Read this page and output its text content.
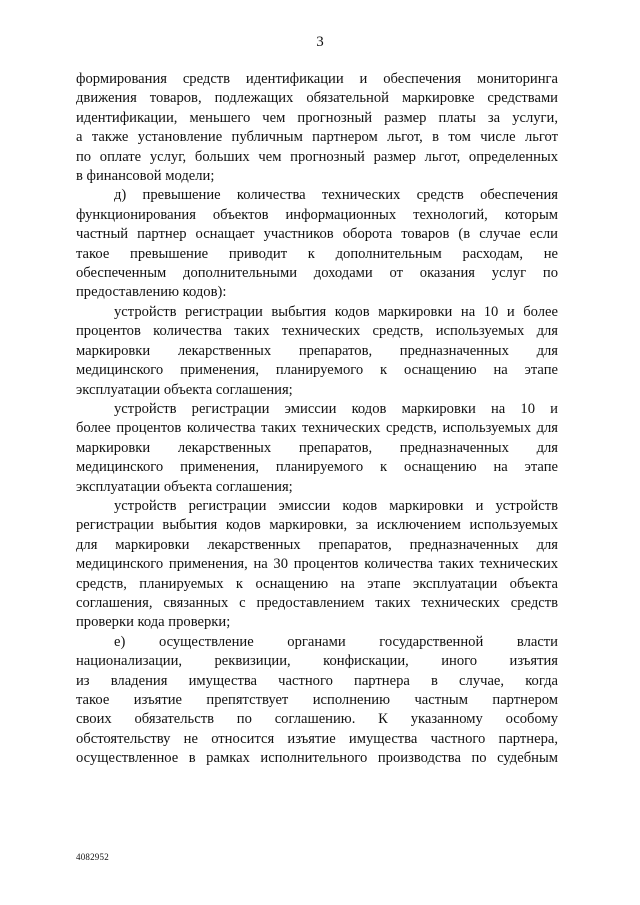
3
формирования средств идентификации и обеспечения мониторинга
движения товаров, подлежащих обязательной маркировке средствами
идентификации, меньшего чем прогнозный размер платы за услуги,
а также установление публичным партнером льгот, в том числе льгот
по оплате услуг, больших чем прогнозный размер льгот, определенных
в финансовой модели;
д) превышение количества технических средств обеспечения
функционирования объектов информационных технологий, которым
частный партнер оснащает участников оборота товаров (в случае если
такое превышение приводит к дополнительным расходам, не
обеспеченным дополнительными доходами от оказания услуг по
предоставлению кодов):
устройств регистрации выбытия кодов маркировки на 10 и более
процентов количества таких технических средств, используемых для
маркировки лекарственных препаратов, предназначенных для
медицинского применения, планируемого к оснащению на этапе
эксплуатации объекта соглашения;
устройств регистрации эмиссии кодов маркировки на 10 и
более процентов количества таких технических средств, используемых для
маркировки лекарственных препаратов, предназначенных для
медицинского применения, планируемого к оснащению на этапе
эксплуатации объекта соглашения;
устройств регистрации эмиссии кодов маркировки и устройств
регистрации выбытия кодов маркировки, за исключением используемых
для маркировки лекарственных препаратов, предназначенных для
медицинского применения, на 30 процентов количества таких технических
средств, планируемых к оснащению на этапе эксплуатации объекта
соглашения, связанных с предоставлением таких технических средств
проверки кода проверки;
е) осуществление органами государственной власти
национализации, реквизиции, конфискации, иного изъятия
из владения имущества частного партнера в случае, когда
такое изъятие препятствует исполнению частным партнером
своих обязательств по соглашению. К указанному особому
обстоятельству не относится изъятие имущества частного партнера,
осуществленное в рамках исполнительного производства по судебным
4082952
